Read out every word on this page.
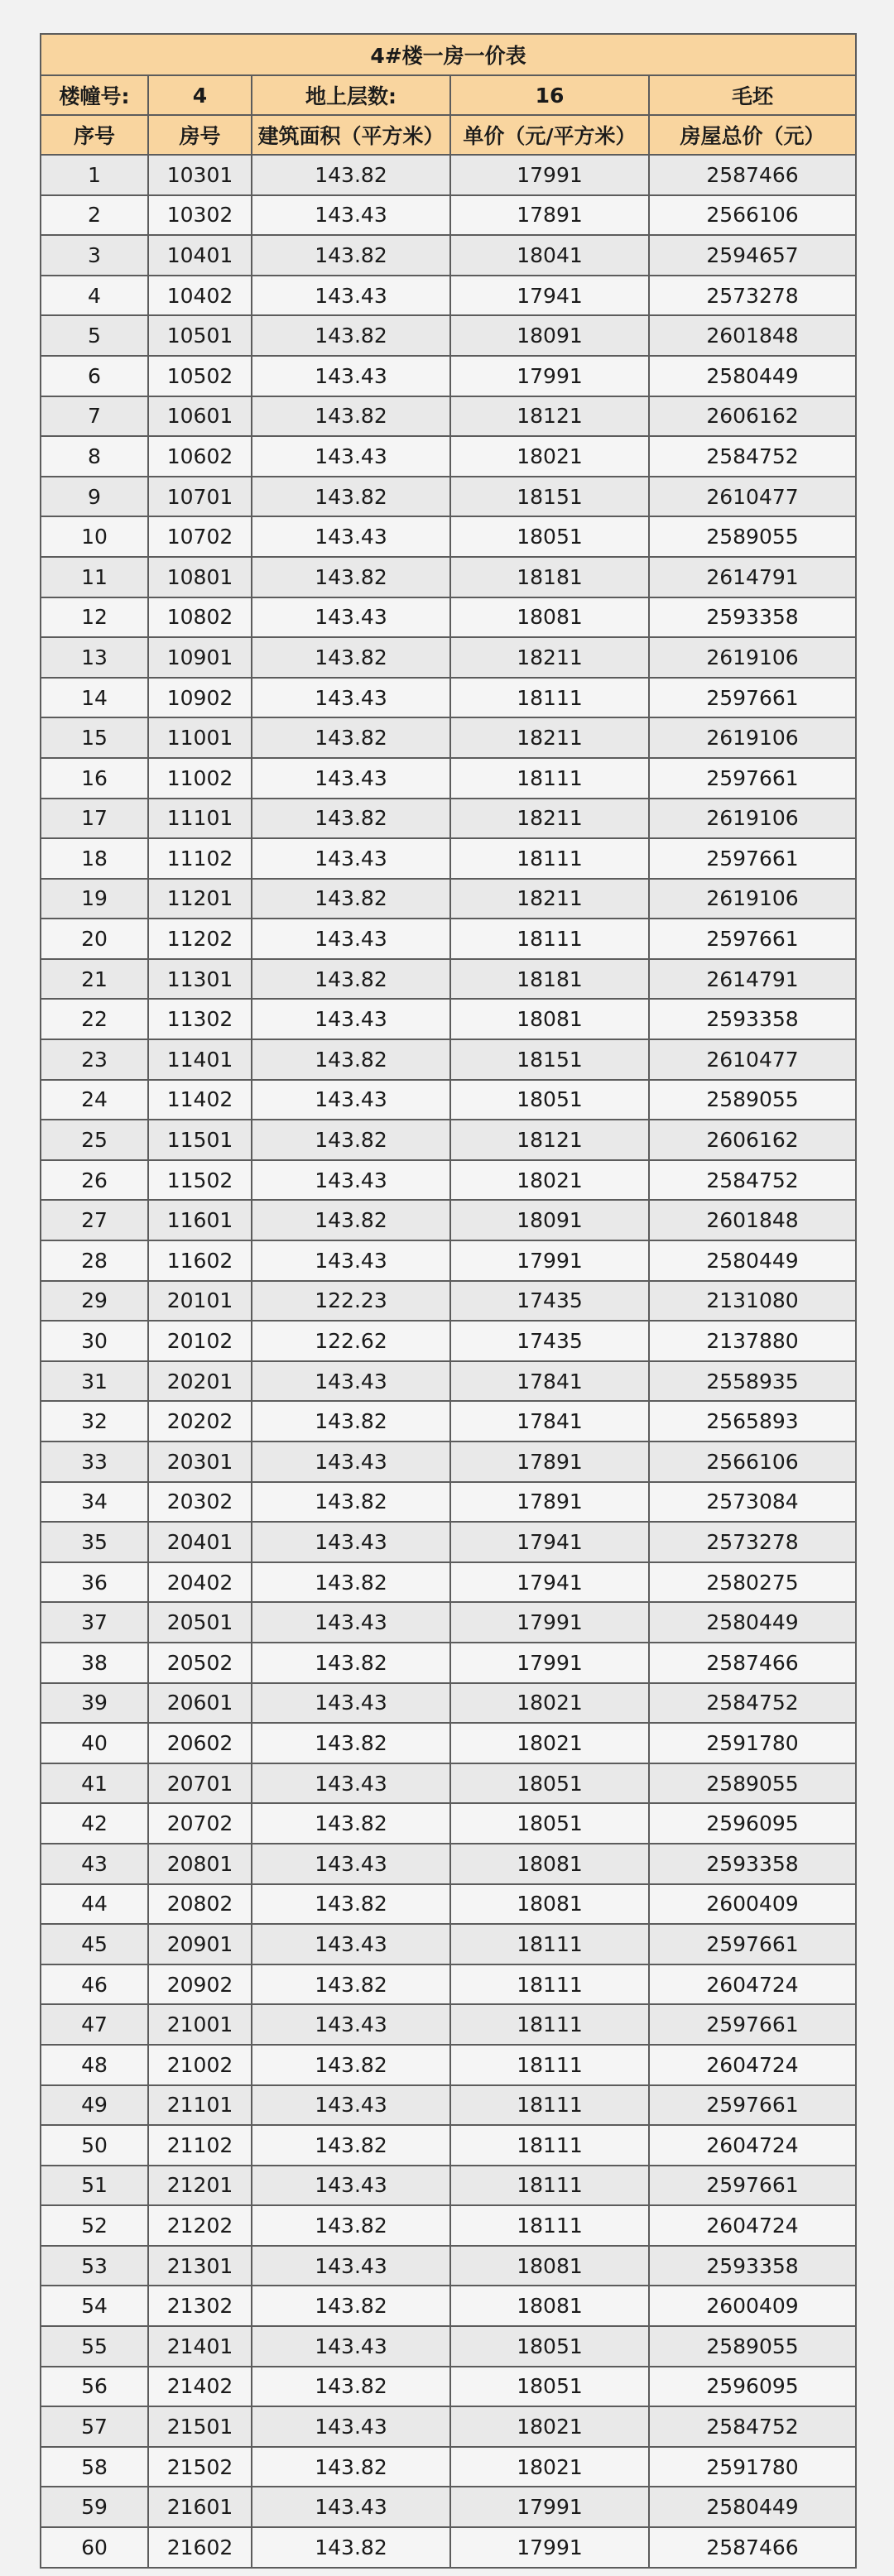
4#楼一房一价表				
楼幢号:	4	地上层数:	16	毛坯
序号	房号	建筑面积（平方米）	单价（元/平方米）	房屋总价（元）
1	10301	143.82	17991	2587466
2	10302	143.43	17891	2566106
3	10401	143.82	18041	2594657
4	10402	143.43	17941	2573278
5	10501	143.82	18091	2601848
6	10502	143.43	17991	2580449
7	10601	143.82	18121	2606162
8	10602	143.43	18021	2584752
9	10701	143.82	18151	2610477
10	10702	143.43	18051	2589055
11	10801	143.82	18181	2614791
12	10802	143.43	18081	2593358
13	10901	143.82	18211	2619106
14	10902	143.43	18111	2597661
15	11001	143.82	18211	2619106
16	11002	143.43	18111	2597661
17	11101	143.82	18211	2619106
18	11102	143.43	18111	2597661
19	11201	143.82	18211	2619106
20	11202	143.43	18111	2597661
21	11301	143.82	18181	2614791
22	11302	143.43	18081	2593358
23	11401	143.82	18151	2610477
24	11402	143.43	18051	2589055
25	11501	143.82	18121	2606162
26	11502	143.43	18021	2584752
27	11601	143.82	18091	2601848
28	11602	143.43	17991	2580449
29	20101	122.23	17435	2131080
30	20102	122.62	17435	2137880
31	20201	143.43	17841	2558935
32	20202	143.82	17841	2565893
33	20301	143.43	17891	2566106
34	20302	143.82	17891	2573084
35	20401	143.43	17941	2573278
36	20402	143.82	17941	2580275
37	20501	143.43	17991	2580449
38	20502	143.82	17991	2587466
39	20601	143.43	18021	2584752
40	20602	143.82	18021	2591780
41	20701	143.43	18051	2589055
42	20702	143.82	18051	2596095
43	20801	143.43	18081	2593358
44	20802	143.82	18081	2600409
45	20901	143.43	18111	2597661
46	20902	143.82	18111	2604724
47	21001	143.43	18111	2597661
48	21002	143.82	18111	2604724
49	21101	143.43	18111	2597661
50	21102	143.82	18111	2604724
51	21201	143.43	18111	2597661
52	21202	143.82	18111	2604724
53	21301	143.43	18081	2593358
54	21302	143.82	18081	2600409
55	21401	143.43	18051	2589055
56	21402	143.82	18051	2596095
57	21501	143.43	18021	2584752
58	21502	143.82	18021	2591780
59	21601	143.43	17991	2580449
60	21602	143.82	17991	2587466
